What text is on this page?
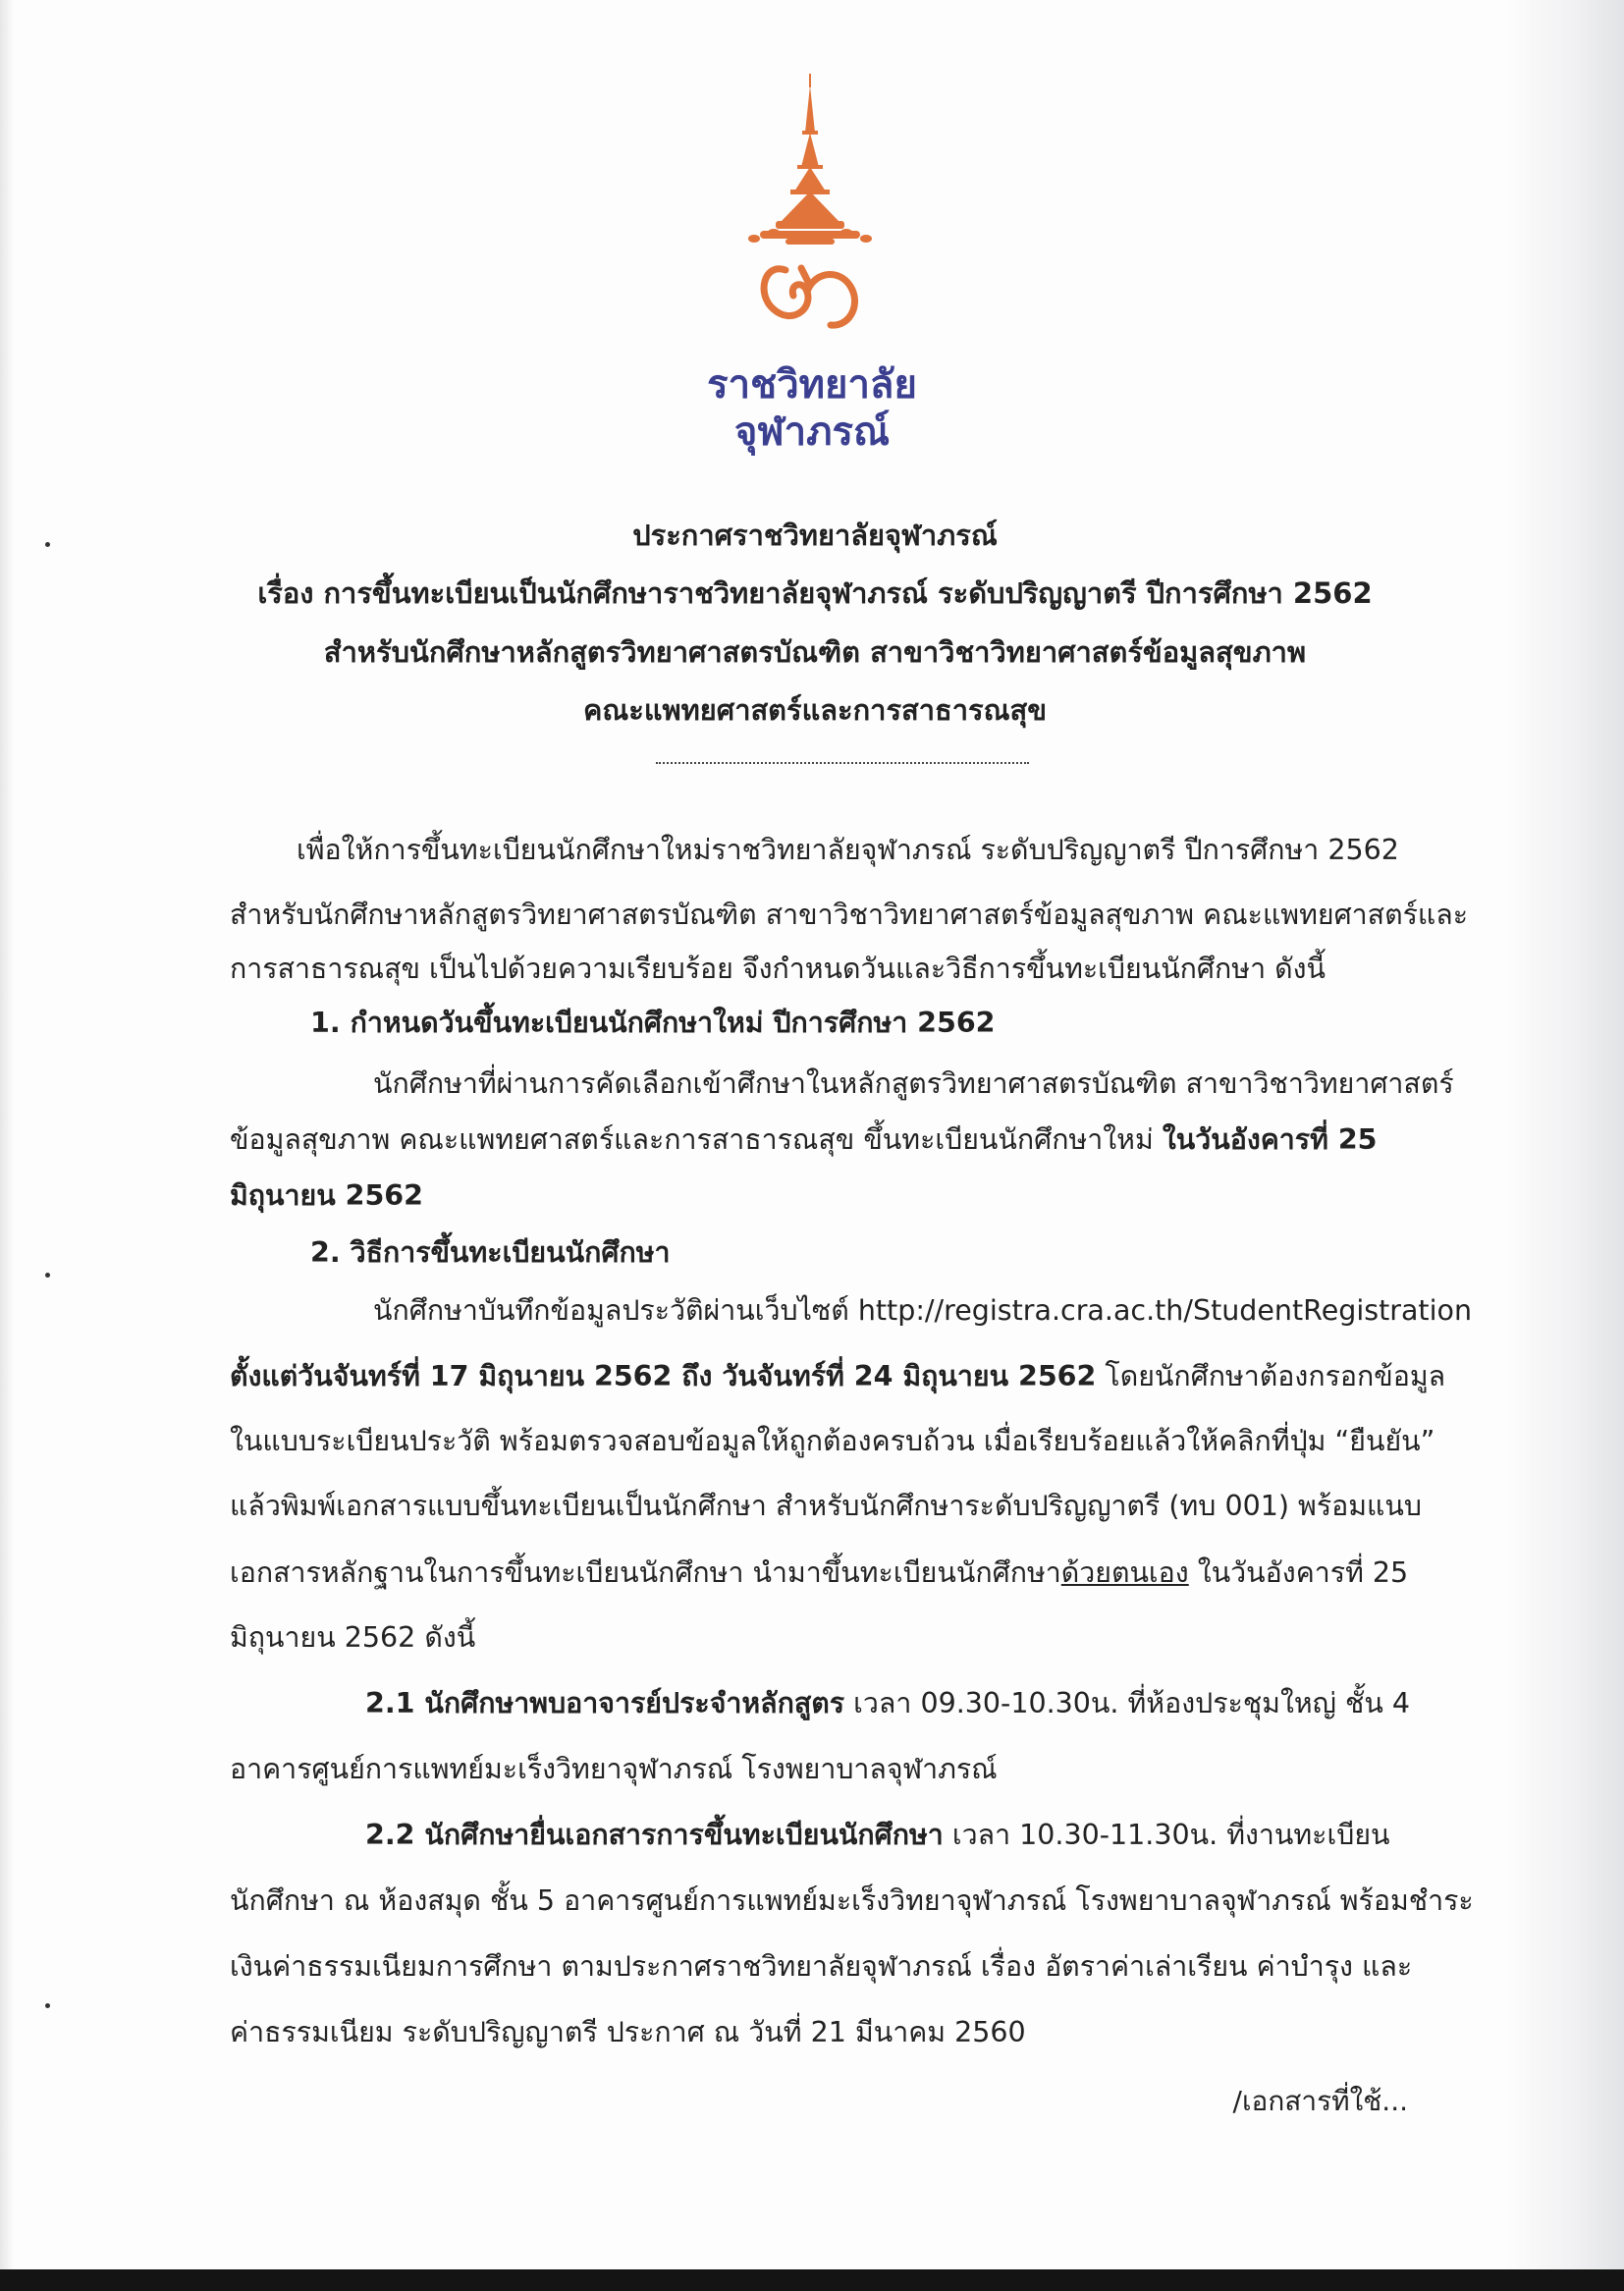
ราชวิทยาลัย
จุฬาภรณ์
ประกาศราชวิทยาลัยจุฬาภรณ์
เรื่อง การขึ้นทะเบียนเป็นนักศึกษาราชวิทยาลัยจุฬาภรณ์ ระดับปริญญาตรี ปีการศึกษา 2562
สำหรับนักศึกษาหลักสูตรวิทยาศาสตรบัณฑิต สาขาวิชาวิทยาศาสตร์ข้อมูลสุขภาพ
คณะแพทยศาสตร์และการสาธารณสุข
เพื่อให้การขึ้นทะเบียนนักศึกษาใหม่ราชวิทยาลัยจุฬาภรณ์ ระดับปริญญาตรี ปีการศึกษา 2562
สำหรับนักศึกษาหลักสูตรวิทยาศาสตรบัณฑิต สาขาวิชาวิทยาศาสตร์ข้อมูลสุขภาพ คณะแพทยศาสตร์และ
การสาธารณสุข เป็นไปด้วยความเรียบร้อย จึงกำหนดวันและวิธีการขึ้นทะเบียนนักศึกษา ดังนี้
1. กำหนดวันขึ้นทะเบียนนักศึกษาใหม่ ปีการศึกษา 2562
นักศึกษาที่ผ่านการคัดเลือกเข้าศึกษาในหลักสูตรวิทยาศาสตรบัณฑิต สาขาวิชาวิทยาศาสตร์
ข้อมูลสุขภาพ คณะแพทยศาสตร์และการสาธารณสุข ขึ้นทะเบียนนักศึกษาใหม่ ในวันอังคารที่ 25
มิถุนายน 2562
2. วิธีการขึ้นทะเบียนนักศึกษา
นักศึกษาบันทึกข้อมูลประวัติผ่านเว็บไซต์ http://registra.cra.ac.th/StudentRegistration
ตั้งแต่วันจันทร์ที่ 17 มิถุนายน 2562 ถึง วันจันทร์ที่ 24 มิถุนายน 2562 โดยนักศึกษาต้องกรอกข้อมูล
ในแบบระเบียนประวัติ พร้อมตรวจสอบข้อมูลให้ถูกต้องครบถ้วน เมื่อเรียบร้อยแล้วให้คลิกที่ปุ่ม “ยืนยัน”
แล้วพิมพ์เอกสารแบบขึ้นทะเบียนเป็นนักศึกษา สำหรับนักศึกษาระดับปริญญาตรี (ทบ 001) พร้อมแนบ
เอกสารหลักฐานในการขึ้นทะเบียนนักศึกษา นำมาขึ้นทะเบียนนักศึกษาด้วยตนเอง ในวันอังคารที่ 25
มิถุนายน 2562 ดังนี้
2.1 นักศึกษาพบอาจารย์ประจำหลักสูตร เวลา 09.30-10.30น. ที่ห้องประชุมใหญ่ ชั้น 4
อาคารศูนย์การแพทย์มะเร็งวิทยาจุฬาภรณ์ โรงพยาบาลจุฬาภรณ์
2.2 นักศึกษายื่นเอกสารการขึ้นทะเบียนนักศึกษา เวลา 10.30-11.30น. ที่งานทะเบียน
นักศึกษา ณ ห้องสมุด ชั้น 5 อาคารศูนย์การแพทย์มะเร็งวิทยาจุฬาภรณ์ โรงพยาบาลจุฬาภรณ์ พร้อมชำระ
เงินค่าธรรมเนียมการศึกษา ตามประกาศราชวิทยาลัยจุฬาภรณ์ เรื่อง อัตราค่าเล่าเรียน ค่าบำรุง และ
ค่าธรรมเนียม ระดับปริญญาตรี ประกาศ ณ วันที่ 21 มีนาคม 2560
/เอกสารที่ใช้...
